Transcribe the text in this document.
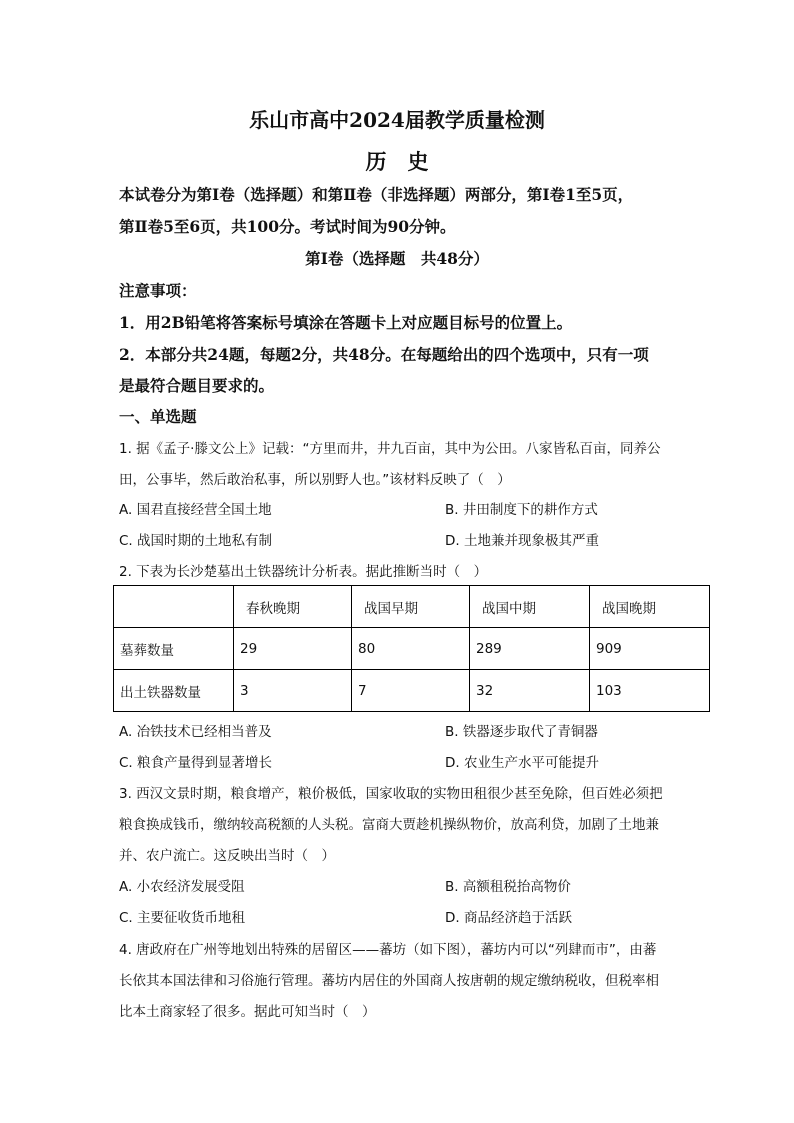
乐山市高中2024届教学质量检测
历　史
本试卷分为第Ⅰ卷（选择题）和第Ⅱ卷（非选择题）两部分，第Ⅰ卷1至5页，
第Ⅱ卷5至6页，共100分。考试时间为90分钟。
第Ⅰ卷（选择题　共48分）
注意事项：
1．用2B铅笔将答案标号填涂在答题卡上对应题目标号的位置上。
2．本部分共24题，每题2分，共48分。在每题给出的四个选项中，只有一项
是最符合题目要求的。
一、单选题
1. 据《孟子·滕文公上》记载：“方里而井，井九百亩，其中为公田。八家皆私百亩，同养公
田，公事毕，然后敢治私事，所以别野人也。”该材料反映了（　）
A. 国君直接经营全国土地	B. 井田制度下的耕作方式
C. 战国时期的土地私有制	D. 土地兼并现象极其严重
2. 下表为长沙楚墓出土铁器统计分析表。据此推断当时（　）
	春秋晚期	战国早期	战国中期	战国晚期
墓葬数量	29	80	289	909
出土铁器数量	3	7	32	103
A. 冶铁技术已经相当普及	B. 铁器逐步取代了青铜器
C. 粮食产量得到显著增长	D. 农业生产水平可能提升
3. 西汉文景时期，粮食增产，粮价极低，国家收取的实物田租很少甚至免除，但百姓必须把
粮食换成钱币，缴纳较高税额的人头税。富商大贾趁机操纵物价，放高利贷，加剧了土地兼
并、农户流亡。这反映出当时（　）
A. 小农经济发展受阻	B. 高额租税抬高物价
C. 主要征收货币地租	D. 商品经济趋于活跃
4. 唐政府在广州等地划出特殊的居留区——蕃坊（如下图），蕃坊内可以“列肆而市”，由蕃
长依其本国法律和习俗施行管理。蕃坊内居住的外国商人按唐朝的规定缴纳税收，但税率相
比本土商家轻了很多。据此可知当时（　）
